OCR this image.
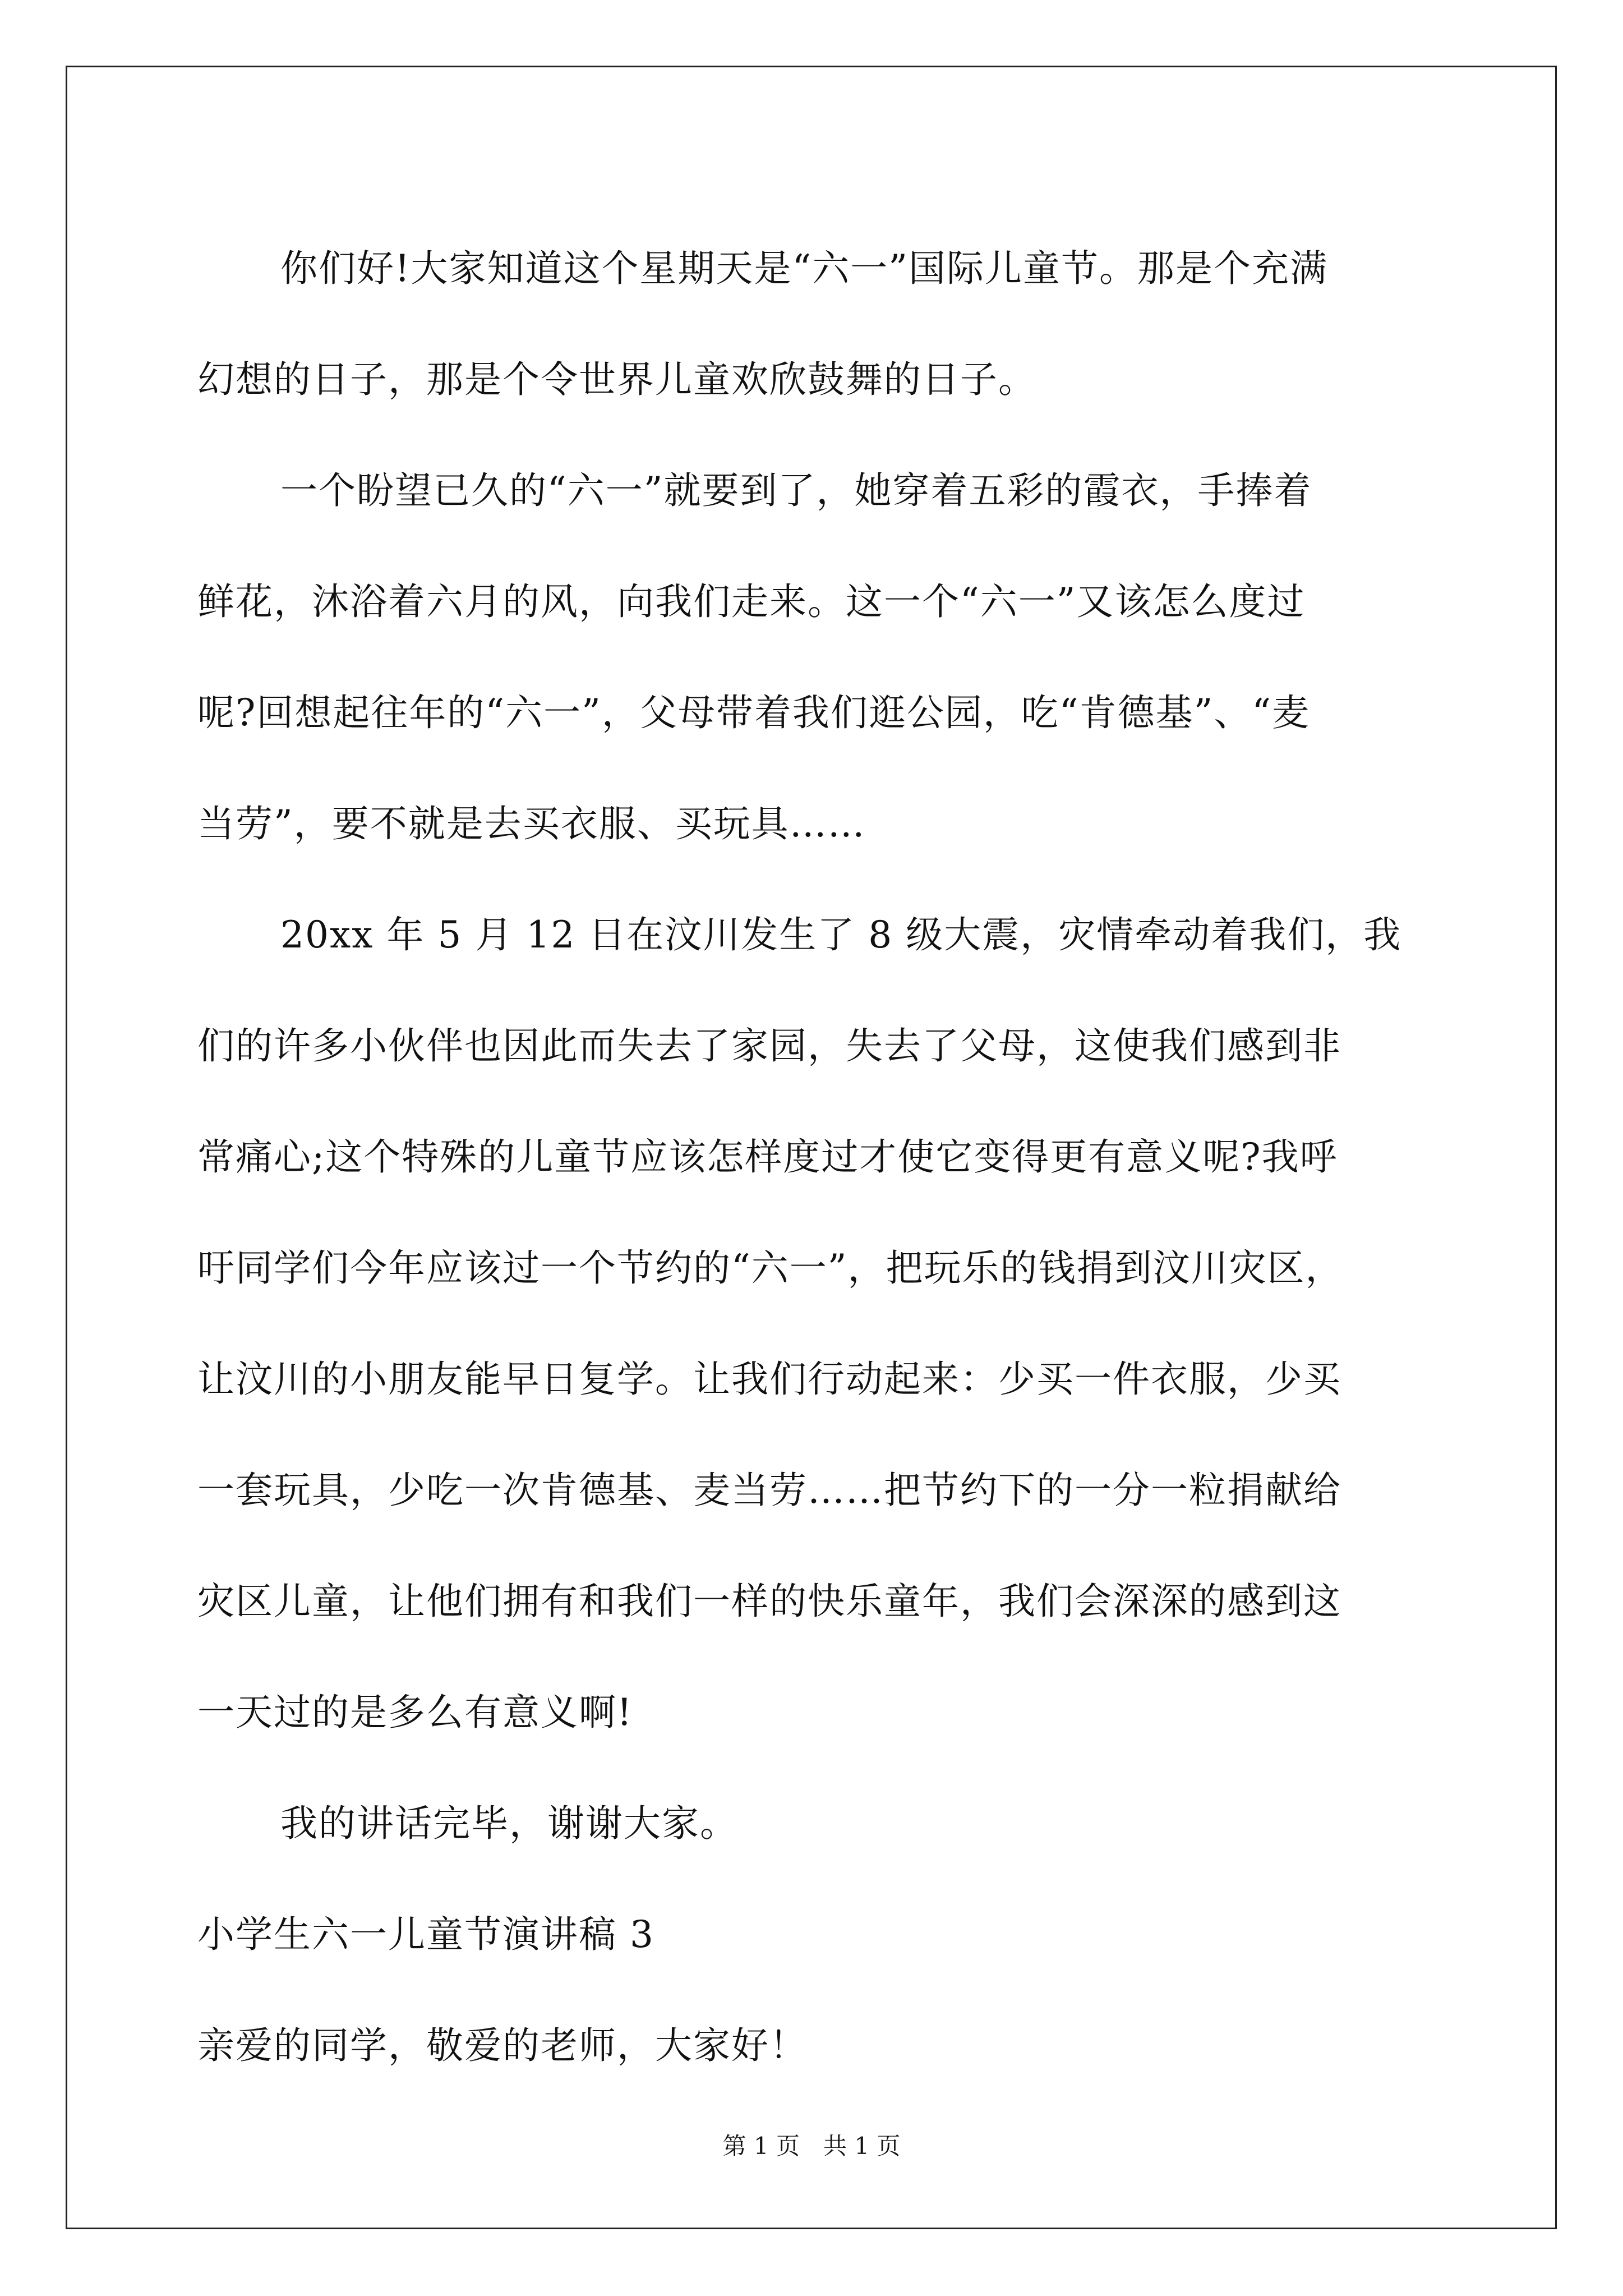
你们好!大家知道这个星期天是“六一”国际儿童节。那是个充满
幻想的日子，那是个令世界儿童欢欣鼓舞的日子。
一个盼望已久的“六一”就要到了，她穿着五彩的霞衣，手捧着
鲜花，沐浴着六月的风，向我们走来。这一个“六一”又该怎么度过
呢?回想起往年的“六一”，父母带着我们逛公园，吃“肯德基”、“麦
当劳”，要不就是去买衣服、买玩具……
20xx 年 5 月 12 日在汶川发生了 8 级大震，灾情牵动着我们，我
们的许多小伙伴也因此而失去了家园，失去了父母，这使我们感到非
常痛心;这个特殊的儿童节应该怎样度过才使它变得更有意义呢?我呼
吁同学们今年应该过一个节约的“六一”，把玩乐的钱捐到汶川灾区，
让汶川的小朋友能早日复学。让我们行动起来：少买一件衣服，少买
一套玩具，少吃一次肯德基、麦当劳……把节约下的一分一粒捐献给
灾区儿童，让他们拥有和我们一样的快乐童年，我们会深深的感到这
一天过的是多么有意义啊!
我的讲话完毕，谢谢大家。
小学生六一儿童节演讲稿 3
亲爱的同学，敬爱的老师，大家好！
第 1 页　共 1 页
